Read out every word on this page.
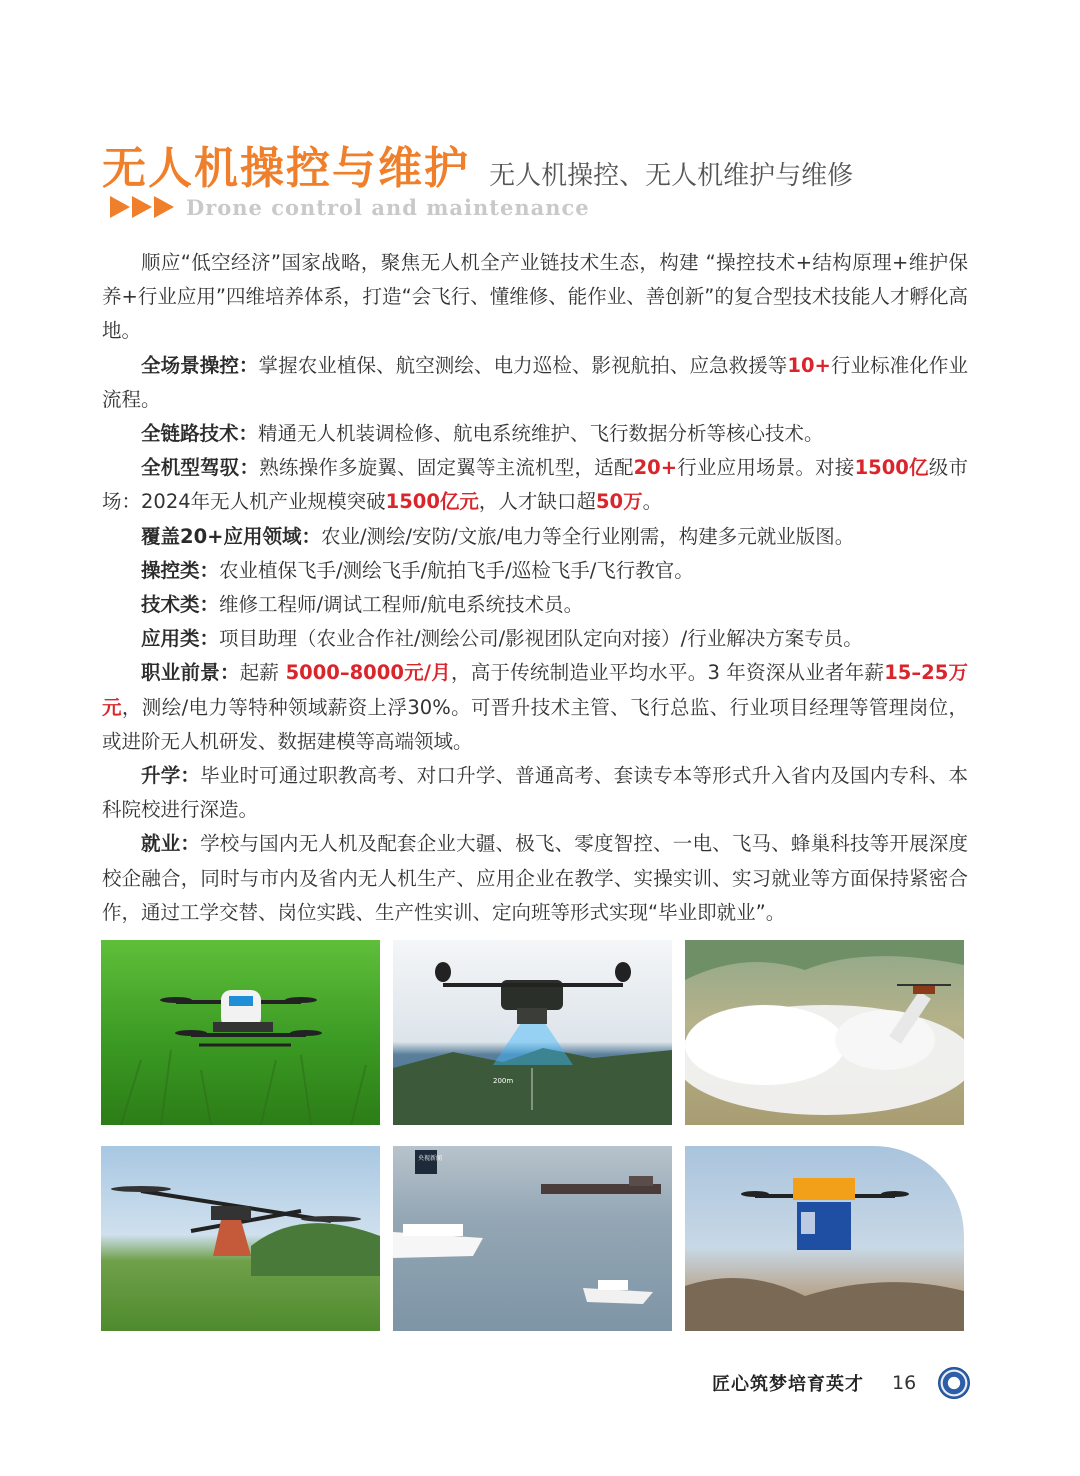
无人机操控与维护 无人机操控、无人机维护与维修
Drone control and maintenance

顺应“低空经济”国家战略，聚焦无人机全产业链技术生态，构建 “操控技术+结构原理+维护保养+行业应用”四维培养体系，打造“会飞行、懂维修、能作业、善创新”的复合型技术技能人才孵化高地。

全场景操控：掌握农业植保、航空测绘、电力巡检、影视航拍、应急救援等10+行业标准化作业流程。

全链路技术：精通无人机装调检修、航电系统维护、飞行数据分析等核心技术。

全机型驾驭：熟练操作多旋翼、固定翼等主流机型，适配20+行业应用场景。对接1500亿级市场：2024年无人机产业规模突破1500亿元，人才缺口超50万。

覆盖20+应用领域：农业/测绘/安防/文旅/电力等全行业刚需，构建多元就业版图。

操控类：农业植保飞手/测绘飞手/航拍飞手/巡检飞手/飞行教官。

技术类：维修工程师/调试工程师/航电系统技术员。

应用类：项目助理（农业合作社/测绘公司/影视团队定向对接）/行业解决方案专员。

职业前景：起薪 5000–8000元/月，高于传统制造业平均水平。3 年资深从业者年薪15–25万元，测绘/电力等特种领域薪资上浮30%。可晋升技术主管、飞行总监、行业项目经理等管理岗位，或进阶无人机研发、数据建模等高端领域。

升学：毕业时可通过职教高考、对口升学、普通高考、套读专本等形式升入省内及国内专科、本科院校进行深造。

就业：学校与国内无人机及配套企业大疆、极飞、零度智控、一电、飞马、蜂巢科技等开展深度校企融合，同时与市内及省内无人机生产、应用企业在教学、实操实训、实习就业等方面保持紧密合作，通过工学交替、岗位实践、生产性实训、定向班等形式实现“毕业即就业”。

200m
央视新闻
匠心筑梦培育英才 16
